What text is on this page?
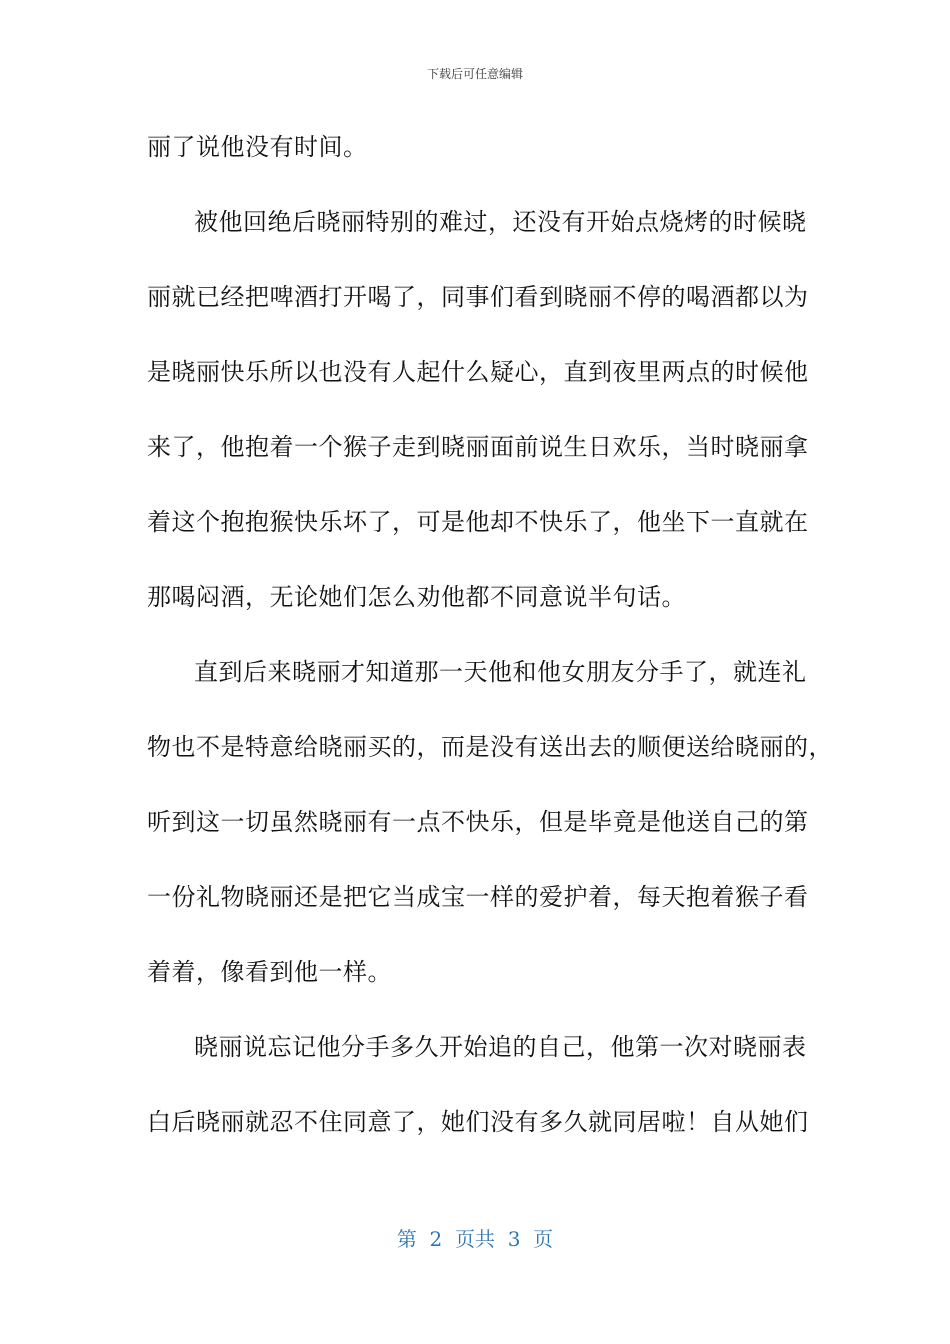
下载后可任意编辑
丽了说他没有时间。
被他回绝后晓丽特别的难过，还没有开始点烧烤的时候晓
丽就已经把啤酒打开喝了，同事们看到晓丽不停的喝酒都以为
是晓丽快乐所以也没有人起什么疑心，直到夜里两点的时候他
来了，他抱着一个猴子走到晓丽面前说生日欢乐，当时晓丽拿
着这个抱抱猴快乐坏了，可是他却不快乐了，他坐下一直就在
那喝闷酒，无论她们怎么劝他都不同意说半句话。
直到后来晓丽才知道那一天他和他女朋友分手了，就连礼
物也不是特意给晓丽买的，而是没有送出去的顺便送给晓丽的，
听到这一切虽然晓丽有一点不快乐，但是毕竟是他送自己的第
一份礼物晓丽还是把它当成宝一样的爱护着，每天抱着猴子看
着着，像看到他一样。
晓丽说忘记他分手多久开始追的自己，他第一次对晓丽表
白后晓丽就忍不住同意了，她们没有多久就同居啦！自从她们
第  2  页共  3  页
